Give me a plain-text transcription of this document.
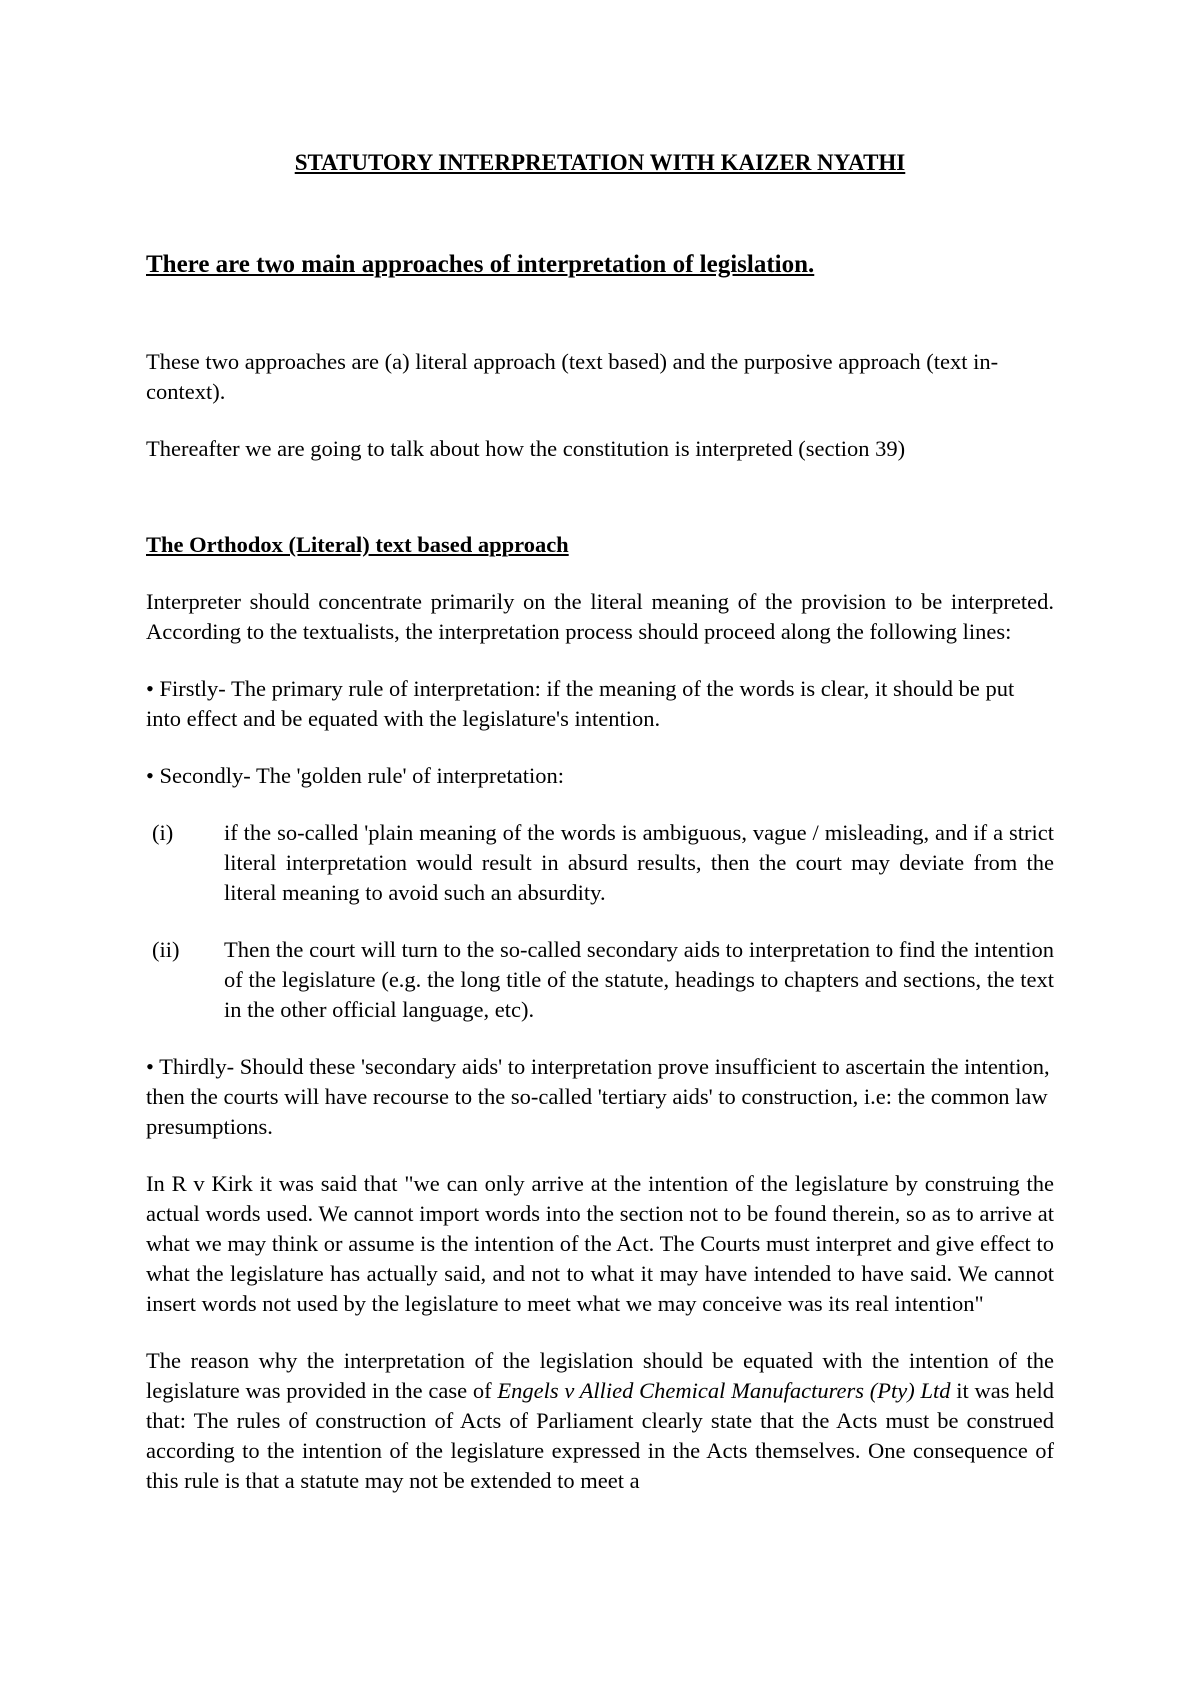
STATUTORY INTERPRETATION WITH KAIZER NYATHI
There are two main approaches of interpretation of legislation.

These two approaches are (a) literal approach (text based) and the purposive approach (text in-context).

Thereafter we are going to talk about how the constitution is interpreted (section 39)

The Orthodox (Literal) text based approach

Interpreter should concentrate primarily on the literal meaning of the provision to be interpreted. According to the textualists, the interpretation process should proceed along the following lines:

• Firstly- The primary rule of interpretation: if the meaning of the words is clear, it should be put into effect and be equated with the legislature's intention.

• Secondly- The 'golden rule' of interpretation:

(i)	if the so-called 'plain meaning of the words is ambiguous, vague / misleading, and if a strict literal interpretation would result in absurd results, then the court may deviate from the literal meaning to avoid such an absurdity.
(ii)	Then the court will turn to the so-called secondary aids to interpretation to find the intention of the legislature (e.g. the long title of the statute, headings to chapters and sections, the text in the other official language, etc).

• Thirdly- Should these 'secondary aids' to interpretation prove insufficient to ascertain the intention, then the courts will have recourse to the so-called 'tertiary aids' to construction, i.e: the common law presumptions.

In R v Kirk it was said that "we can only arrive at the intention of the legislature by construing the actual words used. We cannot import words into the section not to be found therein, so as to arrive at what we may think or assume is the intention of the Act. The Courts must interpret and give effect to what the legislature has actually said, and not to what it may have intended to have said. We cannot insert words not used by the legislature to meet what we may conceive was its real intention"

The reason why the interpretation of the legislation should be equated with the intention of the legislature was provided in the case of Engels v Allied Chemical Manufacturers (Pty) Ltd it was held that: The rules of construction of Acts of Parliament clearly state that the Acts must be construed according to the intention of the legislature expressed in the Acts themselves. One consequence of this rule is that a statute may not be extended to meet a
